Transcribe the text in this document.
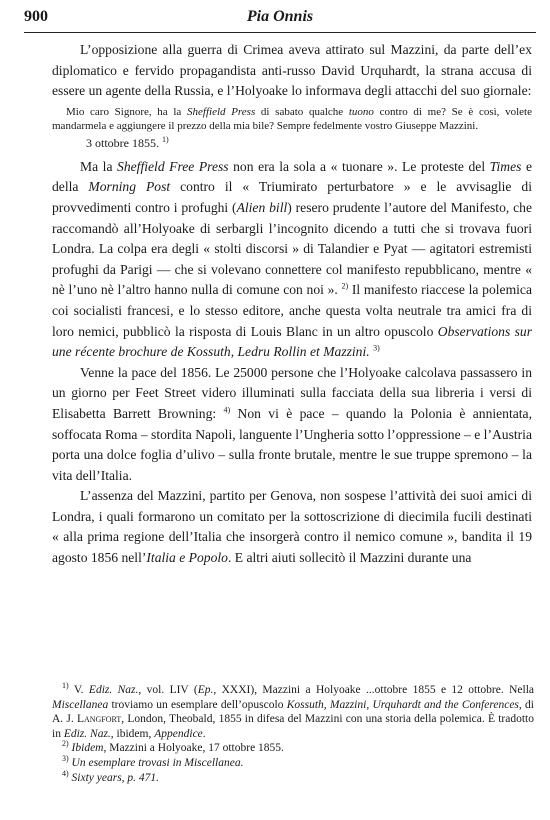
900	Pia Onnis

L’opposizione alla guerra di Crimea aveva attirato sul Mazzini, da parte dell’ex diplomatico e fervido propagandista anti-russo David Urquhardt, la strana accusa di essere un agente della Russia, e l’Holyoake lo informava degli attacchi del suo giornale:

Mio caro Signore, ha la Sheffield Press di sabato qualche tuono contro di me? Se è così, volete mandarmela e aggiungere il prezzo della mia bile? Sempre fedelmente vostro Giuseppe Mazzini.

3 ottobre 1855. $^{1)}$

Ma la Sheffield Free Press non era la sola a « tuonare ». Le proteste del Times e della Morning Post contro il « Triumirato perturbatore » e le avvisaglie di provvedimenti contro i profughi (Alien bill) resero prudente l’autore del Manifesto, che raccomandò all’Holyoake di serbargli l’incognito dicendo a tutti che si trovava fuori Londra. La colpa era degli « stolti discorsi » di Talandier e Pyat — agitatori estremisti profughi da Parigi — che si volevano connettere col manifesto repubblicano, mentre « nè l’uno nè l’altro hanno nulla di comune con noi ». $^{2)}$ Il manifesto riaccese la polemica coi socialisti francesi, e lo stesso editore, anche questa volta neutrale tra amici fra di loro nemici, pubblicò la risposta di Louis Blanc in un altro opuscolo Observations sur une récente brochure de Kossuth, Ledru Rollin et Mazzini. $^{3)}$

Venne la pace del 1856. Le 25000 persone che l’Holyoake calcolava passassero in un giorno per Feet Street videro illuminati sulla facciata della sua libreria i versi di Elisabetta Barrett Browning: $^{4)}$ Non vi è pace – quando la Polonia è annientata, soffocata Roma – stordita Napoli, languente l’Ungheria sotto l’oppressione – e l’Austria porta una dolce foglia d’ulivo – sulla fronte brutale, mentre le sue truppe spremono – la vita dell’Italia.

L’assenza del Mazzini, partito per Genova, non sospese l’attività dei suoi amici di Londra, i quali formarono un comitato per la sottoscrizione di diecimila fucili destinati « alla prima regione dell’Italia che insorgerà contro il nemico comune », bandita il 19 agosto 1856 nell’Italia e Popolo. E altri aiuti sollecitò il Mazzini durante una

$^{1)}$ V. Ediz. Naz., vol. LIV (Ep., XXXI), Mazzini a Holyoake ...ottobre 1855 e 12 ottobre. Nella Miscellanea troviamo un esemplare dell’opuscolo Kossuth, Mazzini, Urquhardt and the Conferences, di A. J. Langfort, London, Theobald, 1855 in difesa del Mazzini con una storia della polemica. È tradotto in Ediz. Naz., ibidem, Appendice.

$^{2)}$ Ibidem, Mazzini a Holyoake, 17 ottobre 1855.

$^{3)}$ Un esemplare trovasi in Miscellanea.

$^{4)}$ Sixty years, p. 471.
